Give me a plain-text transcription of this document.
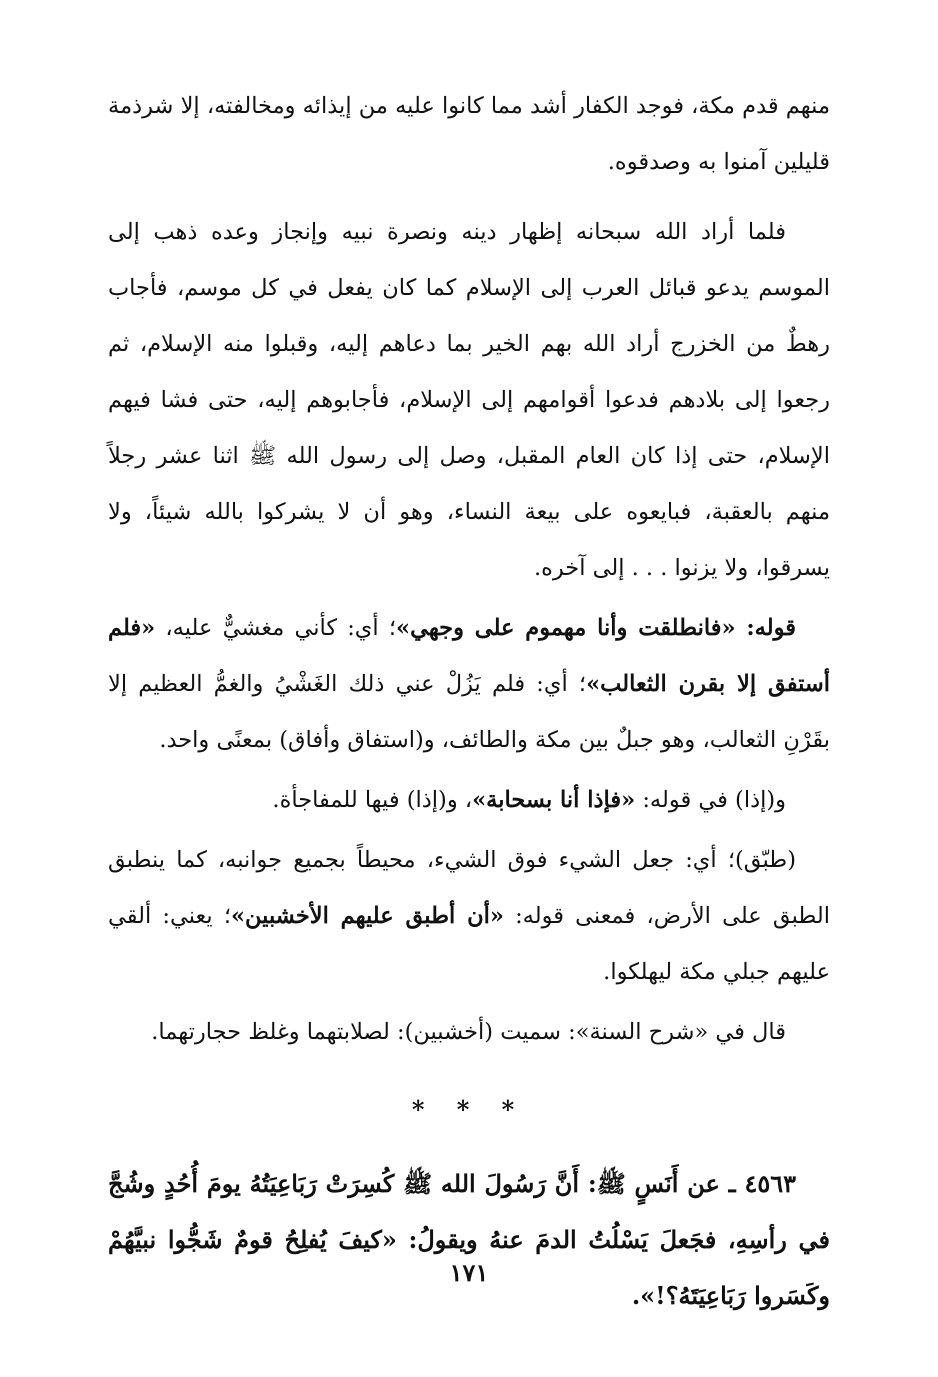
منهم قدم مكة، فوجد الكفار أشد مما كانوا عليه من إيذائه ومخالفته، إلا شرذمة قليلين آمنوا به وصدقوه.

فلما أراد الله سبحانه إظهار دينه ونصرة نبيه وإنجاز وعده ذهب إلى الموسم يدعو قبائل العرب إلى الإسلام كما كان يفعل في كل موسم، فأجاب رهطٌ من الخزرج أراد الله بهم الخير بما دعاهم إليه، وقبلوا منه الإسلام، ثم رجعوا إلى بلادهم فدعوا أقوامهم إلى الإسلام، فأجابوهم إليه، حتى فشا فيهم الإسلام، حتى إذا كان العام المقبل، وصل إلى رسول الله ﷺ اثنا عشر رجلاً منهم بالعقبة، فبايعوه على بيعة النساء، وهو أن لا يشركوا بالله شيئاً، ولا يسرقوا، ولا يزنوا . . . إلى آخره.

قوله: «فانطلقت وأنا مهموم على وجهي»؛ أي: كأني مغشيٌّ عليه، «فلم أستفق إلا بقرن الثعالب»؛ أي: فلم يَزُلْ عني ذلك الغَشْيُ والغمُّ العظيم إلا بقَرْنِ الثعالب، وهو جبلٌ بين مكة والطائف، و(استفاق وأفاق) بمعنًى واحد.

و(إذا) في قوله: «فإذا أنا بسحابة»، و(إذا) فيها للمفاجأة.

(طبّق)؛ أي: جعل الشيء فوق الشيء، محيطاً بجميع جوانبه، كما ينطبق الطبق على الأرض، فمعنى قوله: «أن أطبق عليهم الأخشبين»؛ يعني: ألقي عليهم جبلي مكة ليهلكوا.

قال في «شرح السنة»: سميت (أخشبين): لصلابتهما وغلظ حجارتهما.

* * *

٤٥٦٣ ـ عن أَنَسٍ ﷺ: أَنَّ رَسُولَ الله ﷺ كُسِرَتْ رَبَاعِيَتُهُ يومَ أُحُدٍ وشُجَّ في رأسِهِ، فجَعلَ يَسْلُتُ الدمَ عنهُ ويقولُ: «كيفَ يُفلِحُ قومٌ شَجُّوا نبيَّهُمْ وكَسَروا رَبَاعِيَتَهُ؟!».

١٧١
